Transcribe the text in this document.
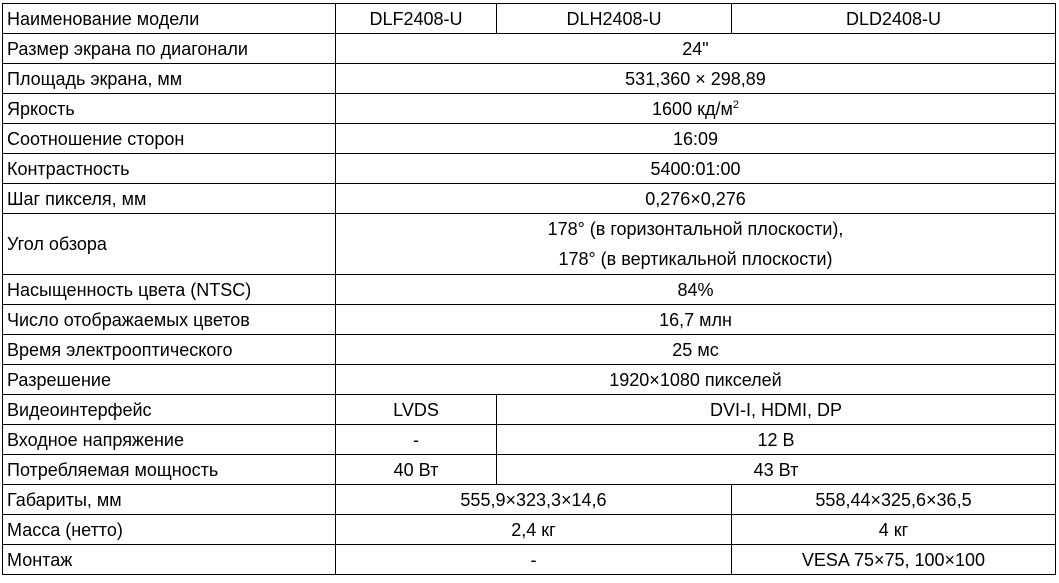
Наименование модели	DLF2408-U	DLH2408-U	DLD2408-U
Размер экрана по диагонали	24"		
Площадь экрана, мм	531,360 × 298,89		
Яркость	1600 $кд/м^2$
Соотношение сторон	16:09		
Контрастность	5400:01:00		
Шаг пикселя, мм	0,276×0,276		
Угол обзора	178° (в горизонтальной плоскости),
178° (в вертикальной плоскости)		

Насыщенность цвета (NTSC)	84%		
Число отображаемых цветов	16,7 млн		
Время электрооптического	25 мс		
Разрешение	1920×1080 пикселей		
Видеоинтерфейс	LVDS	DVI-I, HDMI, DP	
Входное напряжение	-	12 В	
Потребляемая мощность	40 Вт	43 Вт	
Габариты, мм	555,9×323,3×14,6		558,44×325,6×36,5
Масса (нетто)	2,4 кг		4 кг
Монтаж	-		VESA 75×75, 100×100
